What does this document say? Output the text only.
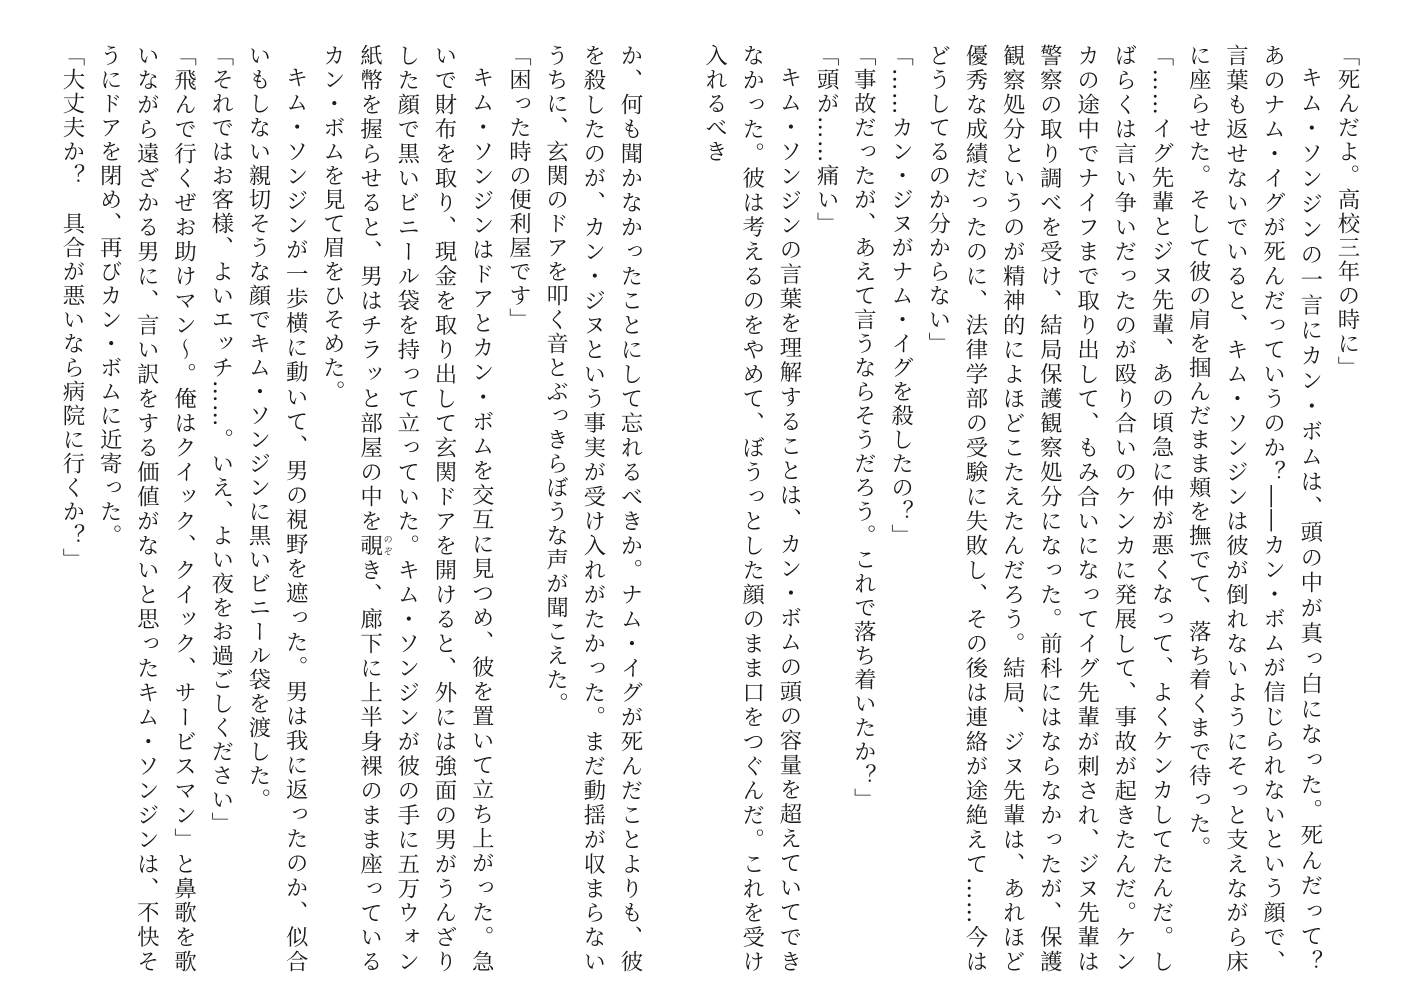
「死んだよ。高校三年の時に」

キム・ソンジンの一言にカン・ボムは、頭の中が真っ白になった。死んだって？　あのナム・イグが死んだっていうのか？――カン・ボムが信じられないという顔で、言葉も返せないでいると、キム・ソンジンは彼が倒れないようにそっと支えながら床に座らせた。そして彼の肩を掴んだまま頬を撫でて、落ち着くまで待った。

「……イグ先輩とジヌ先輩、あの頃急に仲が悪くなって、よくケンカしてたんだ。しばらくは言い争いだったのが殴り合いのケンカに発展して、事故が起きたんだ。ケンカの途中でナイフまで取り出して、もみ合いになってイグ先輩が刺され、ジヌ先輩は警察の取り調べを受け、結局保護観察処分になった。前科にはならなかったが、保護観察処分というのが精神的によほどこたえたんだろう。結局、ジヌ先輩は、あれほど優秀な成績だったのに、法律学部の受験に失敗し、その後は連絡が途絶えて……今はどうしてるのか分からない」

「……カン・ジヌがナム・イグを殺したの？」

「事故だったが、あえて言うならそうだろう。これで落ち着いたか？」

「頭が……痛い」

キム・ソンジンの言葉を理解することは、カン・ボムの頭の容量を超えていてできなかった。彼は考えるのをやめて、ぼうっとした顔のまま口をつぐんだ。これを受け入れるべき

か、何も聞かなかったことにして忘れるべきか。ナム・イグが死んだことよりも、彼を殺したのが、カン・ジヌという事実が受け入れがたかった。まだ動揺が収まらないうちに、玄関のドアを叩く音とぶっきらぼうな声が聞こえた。

「困った時の便利屋です」

キム・ソンジンはドアとカン・ボムを交互に見つめ、彼を置いて立ち上がった。急いで財布を取り、現金を取り出して玄関ドアを開けると、外には強面の男がうんざりした顔で黒いビニール袋を持って立っていた。キム・ソンジンが彼の手に五万ウォン紙幣を握らせると、男はチラッと部屋の中を覗 のぞき、廊下に上半身裸のまま座っているカン・ボムを見て眉をひそめた。

キム・ソンジンが一歩横に動いて、男の視野を遮った。男は我に返ったのか、似合いもしない親切そうな顔でキム・ソンジンに黒いビニール袋を渡した。

「それではお客様、よいエッチ……。いえ、よい夜をお過ごしください」

「飛んで行くぜお助けマン〜。俺はクイック、クイック、サービスマン」と鼻歌を歌いながら遠ざかる男に、言い訳をする価値がないと思ったキム・ソンジンは、不快そうにドアを閉め、再びカン・ボムに近寄った。

「大丈夫か？　具合が悪いなら病院に行くか？」
